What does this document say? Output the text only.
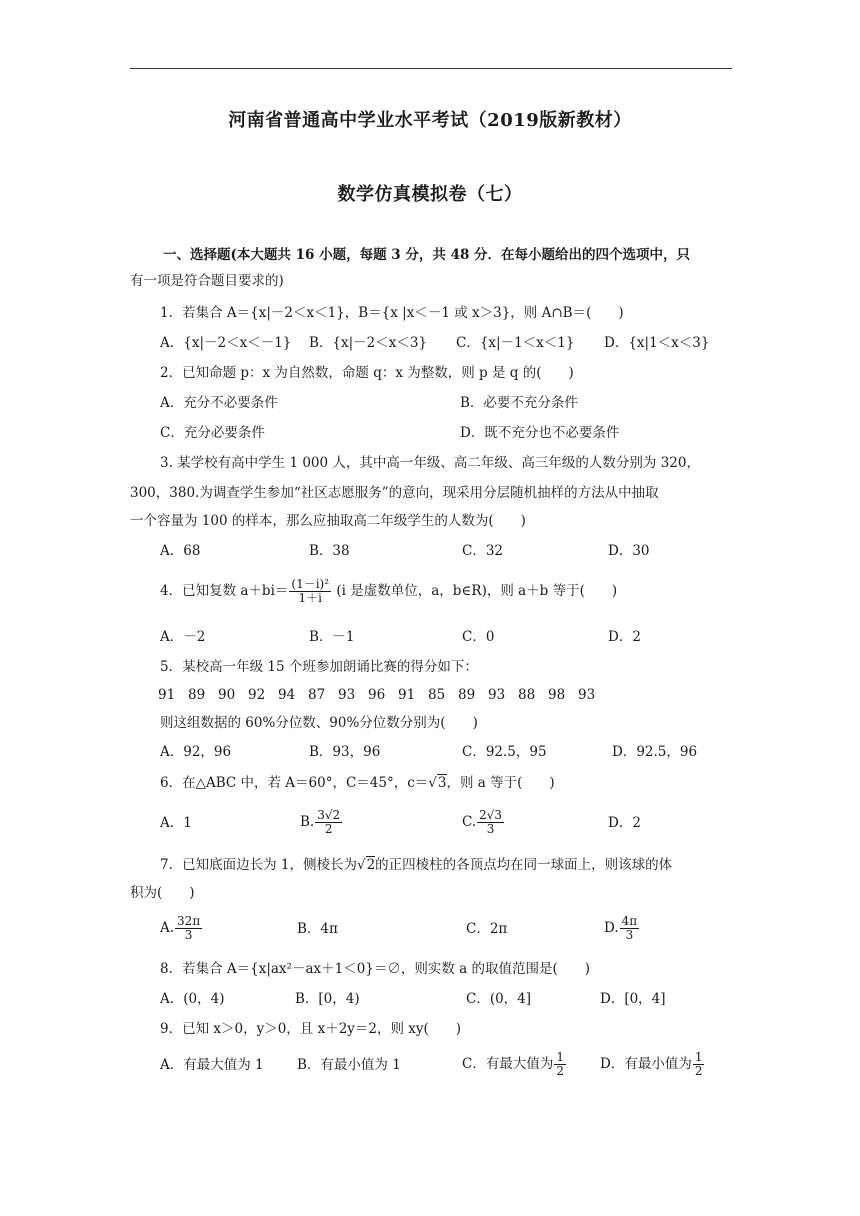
河南省普通高中学业水平考试（2019版新教材）
数学仿真模拟卷（七）
一、选择题(本大题共 16 小题，每题 3 分，共 48 分．在每小题给出的四个选项中，只
有一项是符合题目要求的)
1．若集合 A＝{x|－2＜x＜1}，B＝{x |x＜－1 或 x＞3}，则 A∩B＝(　　)
A．{x|－2＜x＜－1} B．{x|－2＜x＜3} C．{x|－1＜x＜1} D．{x|1＜x＜3}
2．已知命题 p：x 为自然数，命题 q：x 为整数，则 p 是 q 的(　　)
A．充分不必要条件	B．必要不充分条件
C．充分必要条件	D．既不充分也不必要条件
3. 某学校有高中学生 1 000 人，其中高一年级、高二年级、高三年级的人数分别为 320，
300，380.为调查学生参加“社区志愿服务”的意向，现采用分层随机抽样的方法从中抽取
一个容量为 100 的样本，那么应抽取高二年级学生的人数为(　　)
A．68	B．38	C．32	D．30
4．已知复数 $a+bi= \frac{\text{(1－i)²}}{1+i} (i$ 是虚数单位，a，b∈R)，则 a＋b 等于(　　)
A．－2	B．－1	C．0	D．2
5．某校高一年级 15 个班参加朗诵比赛的得分如下：
91 89 90 92 94 87 93 96 91 85 89 93 88 98 93
则这组数据的 60%分位数、90%分位数分别为(　　)
A．92，96	B．93，96	C．92.5，95	D．92.5，96
6．在△ABC 中，若 A＝60°，C＝45°，c＝√3，则 a 等于(　　)
A．1	B. $\frac{3√2}{2}$	C. $\frac{2√3}{3}$	D．2
7．已知底面边长为 1，侧棱长为√2的正四棱柱的各顶点均在同一球面上，则该球的体
积为(　　)
A. $\frac{32\pi}{3}$	B．4π	C．2π	D. $\frac{4\pi}{3}$
8．若集合 A＝{x|ax²－ax＋1＜0}＝∅，则实数 a 的取值范围是(　　)
A．(0，4)	B．[0，4)	C．(0，4]	D．[0，4]
9．已知 x＞0，y＞0，且 x＋2y＝2，则 xy(　　)
A．有最大值为 1 B．有最小值为 1	C．有最大值为 $\frac{1}{2}$	D．有最小值为 $\frac{1}{2}$
